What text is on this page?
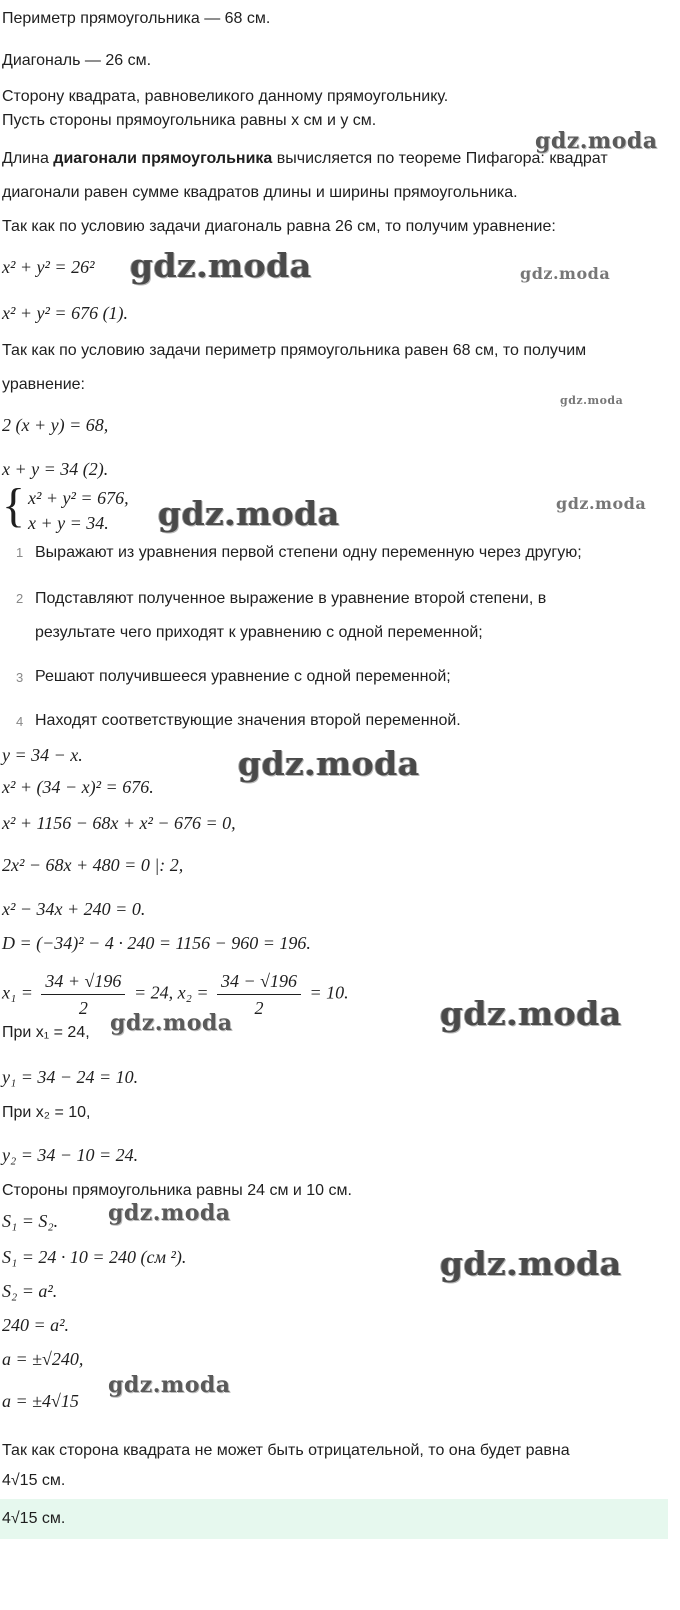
Периметр прямоугольника — 68 см.
Диагональ — 26 см.
Сторону квадрата, равновеликого данному прямоугольнику.
Пусть стороны прямоугольника равны x см и y см.
Длина диагонали прямоугольника вычисляется по теореме Пифагора: квадрат
диагонали равен сумме квадратов длины и ширины прямоугольника.
Так как по условию задачи диагональ равна 26 см, то получим уравнение:
x² + y² = 26²
x² + y² = 676 (1).
Так как по условию задачи периметр прямоугольника равен 68 см, то получим
уравнение:
2 (x + y) = 68,
x + y = 34 (2).
{ x² + y² = 676,
x + y = 34.
1 Выражают из уравнения первой степени одну переменную через другую;
2 Подставляют полученное выражение в уравнение второй степени, в
результате чего приходят к уравнению с одной переменной;
3 Решают получившееся уравнение с одной переменной;
4 Находят соответствующие значения второй переменной.
y = 34 − x.
x² + (34 − x)² = 676.
x² + 1156 − 68x + x² − 676 = 0,
2x² − 68x + 480 = 0 |: 2,
x² − 34x + 240 = 0.
D = (−34)² − 4 · 240 = 1156 − 960 = 196.
$x_1 = \frac{34 + √196}{2} = 24$, $x_2 = \frac{34 - √196}{2} = 10$.
При x₁ = 24,
y₁ = 34 − 24 = 10.
При x₂ = 10,
y₂ = 34 − 10 = 24.
Стороны прямоугольника равны 24 см и 10 см.
S₁ = S₂.
S₁ = 24 · 10 = 240 (см ²).
S₂ = a².
240 = a².
a = ±√240,
a = ±4√15
Так как сторона квадрата не может быть отрицательной, то она будет равна
4√15 см.
4√15 см.
gdz.moda
gdz.moda	gdz.moda
gdz.moda
gdz.moda	gdz.moda
gdz.moda
gdz.moda
gdz.moda
gdz.moda
gdz.moda
gdz.moda
